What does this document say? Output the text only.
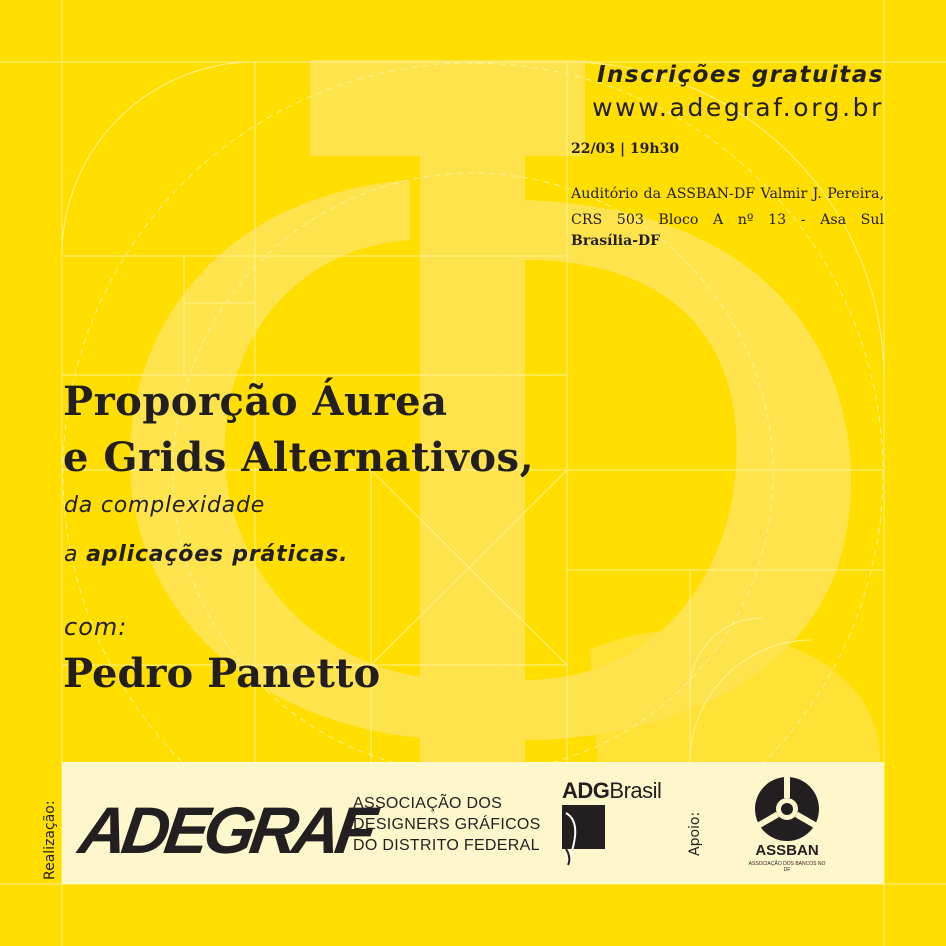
Inscrições gratuitas
www.adegraf.org.br
22/03 | 19h30
Auditório da ASSBAN-DF Valmir J. Pereira, CRS 503 Bloco A nº 13 - Asa Sul
Brasília-DF
Proporção Áurea
e Grids Alternativos,
da complexidade
a aplicações práticas.
com:
Pedro Panetto
Realização: ADEGRAF
ASSOCIAÇÃO DOS
DESIGNERS GRÁFICOS
DO DISTRITO FEDERAL
ADGBrasil
Apoio:	ASSBAN
ASSOCIAÇÃO DOS BANCOS NO DF
